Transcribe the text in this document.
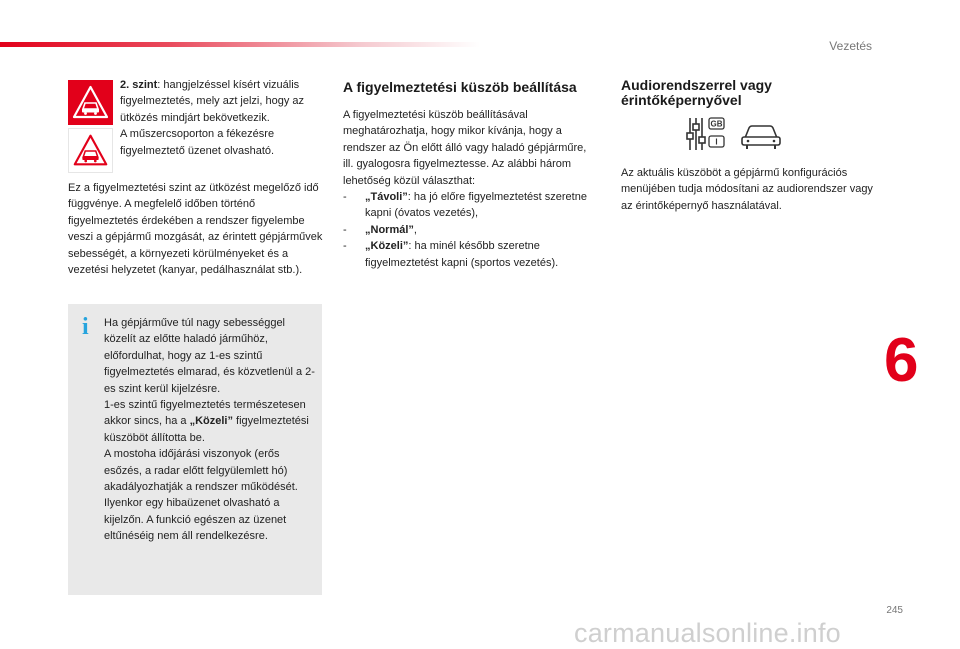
Vezetés

2. szint: hangjelzéssel kísért vizuális figyelmeztetés, mely azt jelzi, hogy az ütközés mindjárt bekövetkezik.

A műszercsoporton a fékezésre figyelmeztető üzenet olvasható.

Ez a figyelmeztetési szint az ütközést megelőző idő függvénye. A megfelelő időben történő figyelmeztetés érdekében a rendszer figyelembe veszi a gépjármű mozgását, az érintett gépjárművek sebességét, a környezeti körülményeket és a vezetési helyzetet (kanyar, pedálhasználat stb.).

i Ha gépjárműve túl nagy sebességgel közelít az előtte haladó járműhöz, előfordulhat, hogy az 1-es szintű figyelmeztetés elmarad, és közvetlenül a 2-es szint kerül kijelzésre.

1-es szintű figyelmeztetés természetesen akkor sincs, ha a „Közeli” figyelmeztetési küszöböt állította be.

A mostoha időjárási viszonyok (erős esőzés, a radar előtt felgyülemlett hó) akadályozhatják a rendszer működését. Ilyenkor egy hibaüzenet olvasható a kijelzőn. A funkció egészen az üzenet eltűnéséig nem áll rendelkezésre.

A figyelmeztetési küszöb beállítása

A figyelmeztetési küszöb beállításával meghatározhatja, hogy mikor kívánja, hogy a rendszer az Ön előtt álló vagy haladó gépjárműre, ill. gyalogosra figyelmeztesse. Az alábbi három lehetőség közül választhat:

-	„Távoli”: ha jó előre figyelmeztetést szeretne kapni (óvatos vezetés),

-	„Normál”,

-	„Közeli”: ha minél később szeretne figyelmeztetést kapni (sportos vezetés).

Audiorendszerrel vagy érintőképernyővel
GB
I

Az aktuális küszöböt a gépjármű konfigurációs menüjében tudja módosítani az audiorendszer vagy az érintőképernyő használatával.

6
245
carmanualsonline.info
